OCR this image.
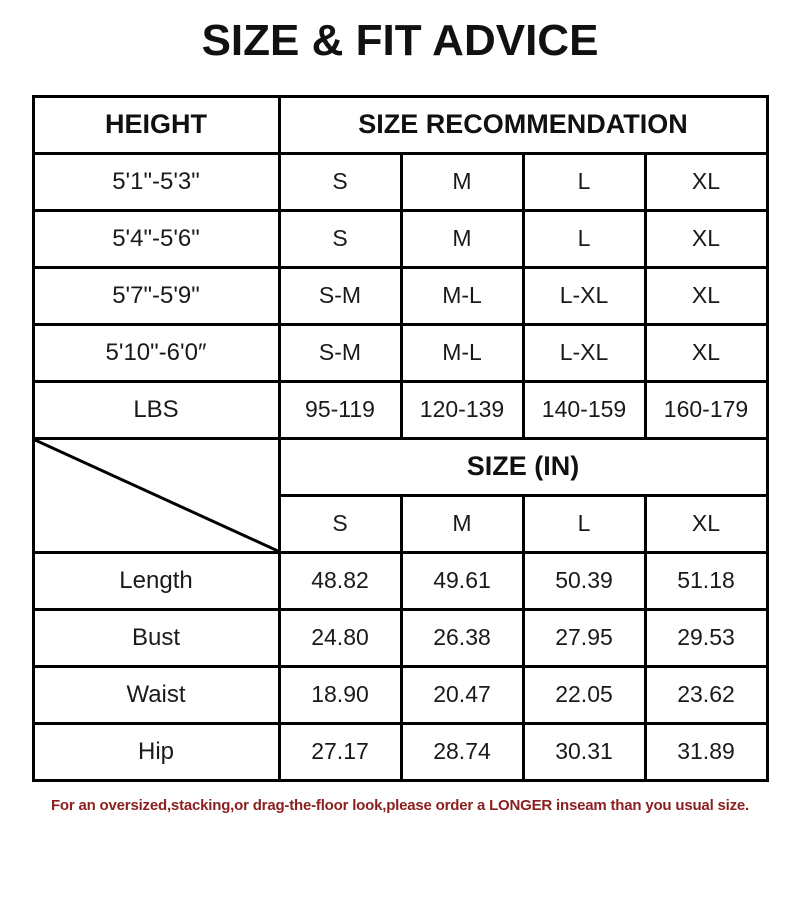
SIZE & FIT ADVICE
HEIGHT	SIZE RECOMMENDATION			
5'1"-5'3"	S	M	L	XL
5'4"-5'6"	S	M	L	XL
5'7"-5'9"	S-M	M-L	L-XL	XL
5'10"-6'0″	S-M	M-L	L-XL	XL
LBS	95-119	120-139	140-159	160-179

	SIZE (IN)			
	S	M	L	XL
Length	48.82	49.61	50.39	51.18
Bust	24.80	26.38	27.95	29.53
Waist	18.90	20.47	22.05	23.62
Hip	27.17	28.74	30.31	31.89

For an oversized,stacking,or drag-the-floor look,please order a LONGER inseam than you usual size.
